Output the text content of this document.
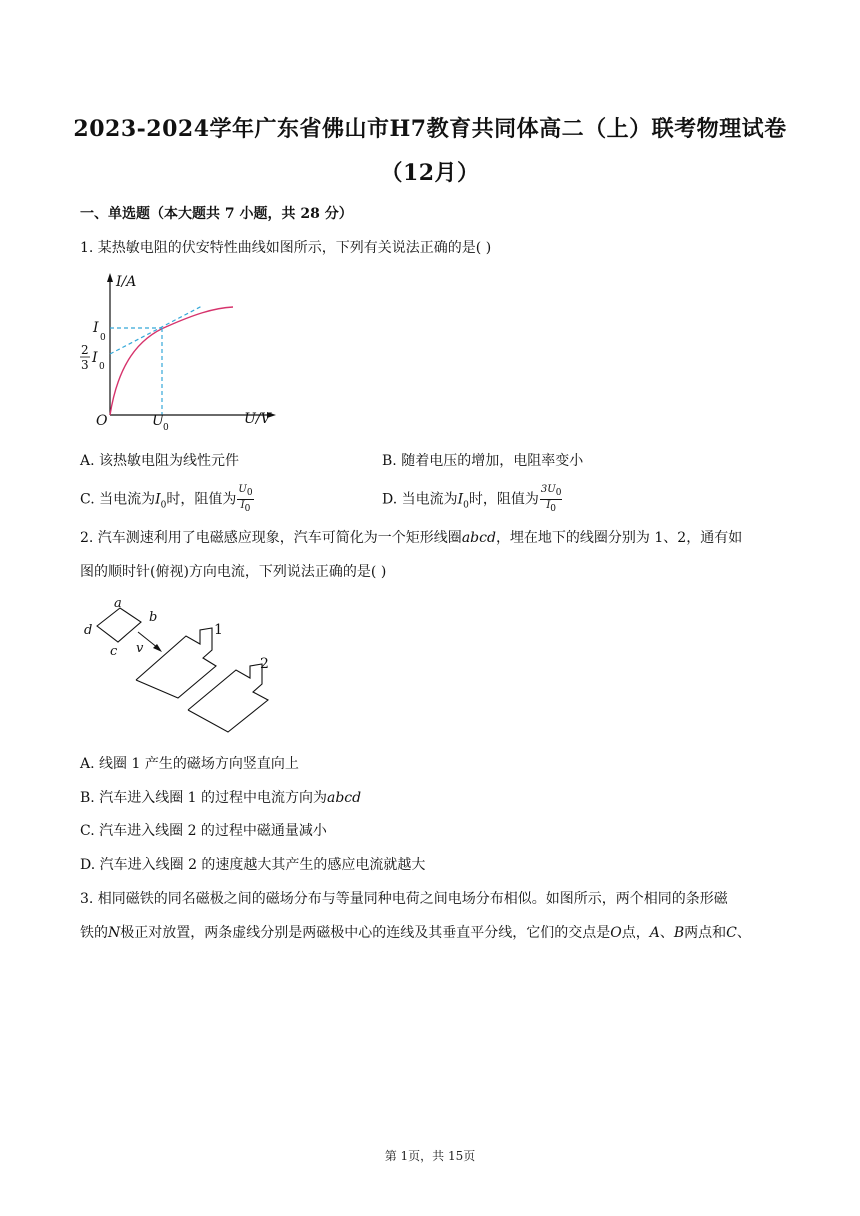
2023-2024学年广东省佛山市H7教育共同体高二（上）联考物理试卷
（12月）
一、单选题（本大题共 7 小题，共 28 分）
1. 某热敏电阻的伏安特性曲线如图所示，下列有关说法正确的是( )
I/A
U/V
O
I
0
2
3 I
0
U 0
A. 该热敏电阻为线性元件	B. 随着电压的增加，电阻率变小
C. 当电流为$I_0$时，阻值为 $\frac{U_0}{I_0}$	D. 当电流为$I_0$时，阻值为 $\frac{3U_0}{I_0}$
2. 汽车测速利用了电磁感应现象，汽车可简化为一个矩形线圈abcd，埋在地下的线圈分别为 1、2，通有如
图的顺时针(俯视)方向电流，下列说法正确的是( )
a
b
c
d
v
1
2
A. 线圈 1 产生的磁场方向竖直向上
B. 汽车进入线圈 1 的过程中电流方向为abcd
C. 汽车进入线圈 2 的过程中磁通量减小
D. 汽车进入线圈 2 的速度越大其产生的感应电流就越大
3. 相同磁铁的同名磁极之间的磁场分布与等量同种电荷之间电场分布相似。如图所示，两个相同的条形磁
铁的N极正对放置，两条虚线分别是两磁极中心的连线及其垂直平分线，它们的交点是O点，A、B两点和C、
第 1页，共 15页
